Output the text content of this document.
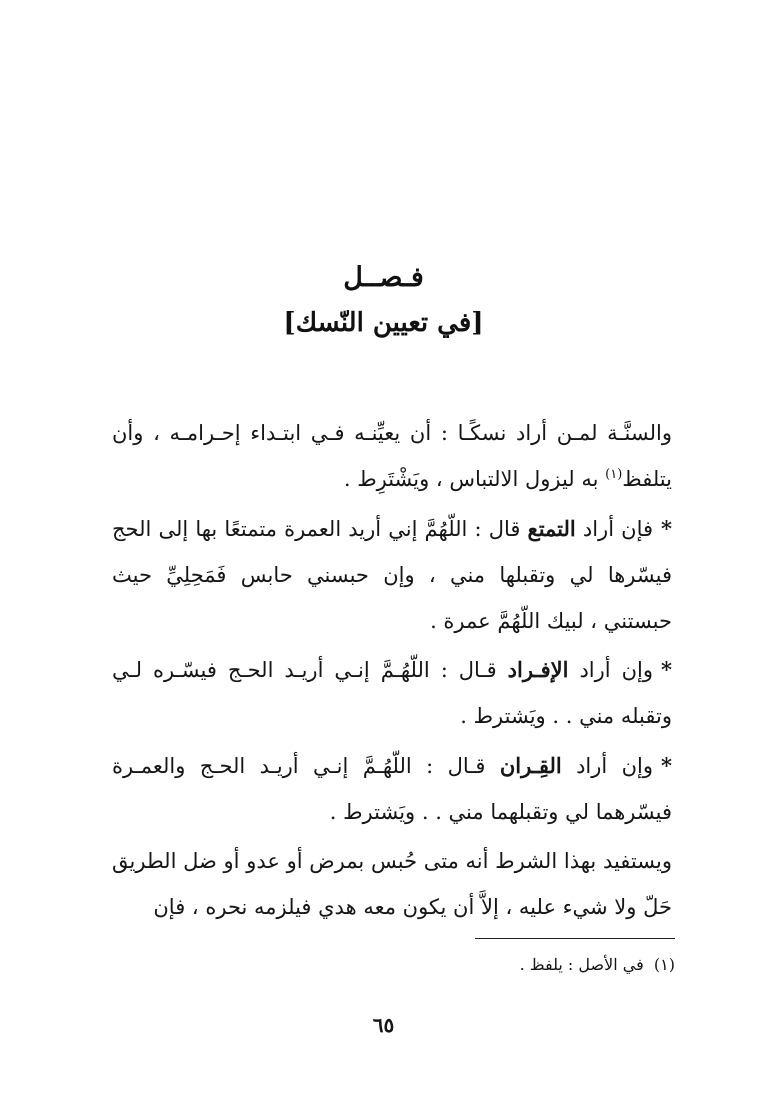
فـصــل
[في تعيين النّسك]

والسنَّـة لمـن أراد نسكًـا : أن يعيِّنـه فـي ابتـداء إحـرامـه ، وأن يتلفظ$^{(١)}$ به ليزول الالتباس ، ويَشْتَرِط .

*فإن أراد التمتع قال : اللّهُمَّ إني أريد العمرة متمتعًا بها إلى الحج فيسّرها لي وتقبلها مني ، وإن حبسني حابس فَمَحِلِيِّ حيث حبستني ، لبيك اللّهُمَّ عمرة .

*وإن أراد الإفـراد قـال : اللّهُـمَّ إنـي أريـد الحـج فيسّـره لـي وتقبله مني . . ويَشترط .

*وإن أراد القِـران قـال : اللّهُـمَّ إنـي أريـد الحـج والعمـرة فيسّرهما لي وتقبلهما مني . . ويَشترط .

ويستفيد بهذا الشرط أنه متى حُبس بمرض أو عدو أو ضل الطريق حَلّ ولا شيء عليه ، إلاَّ أن يكون معه هدي فيلزمه نحره ، فإن

(١)  في الأصل : يلفظ .

٦٥
